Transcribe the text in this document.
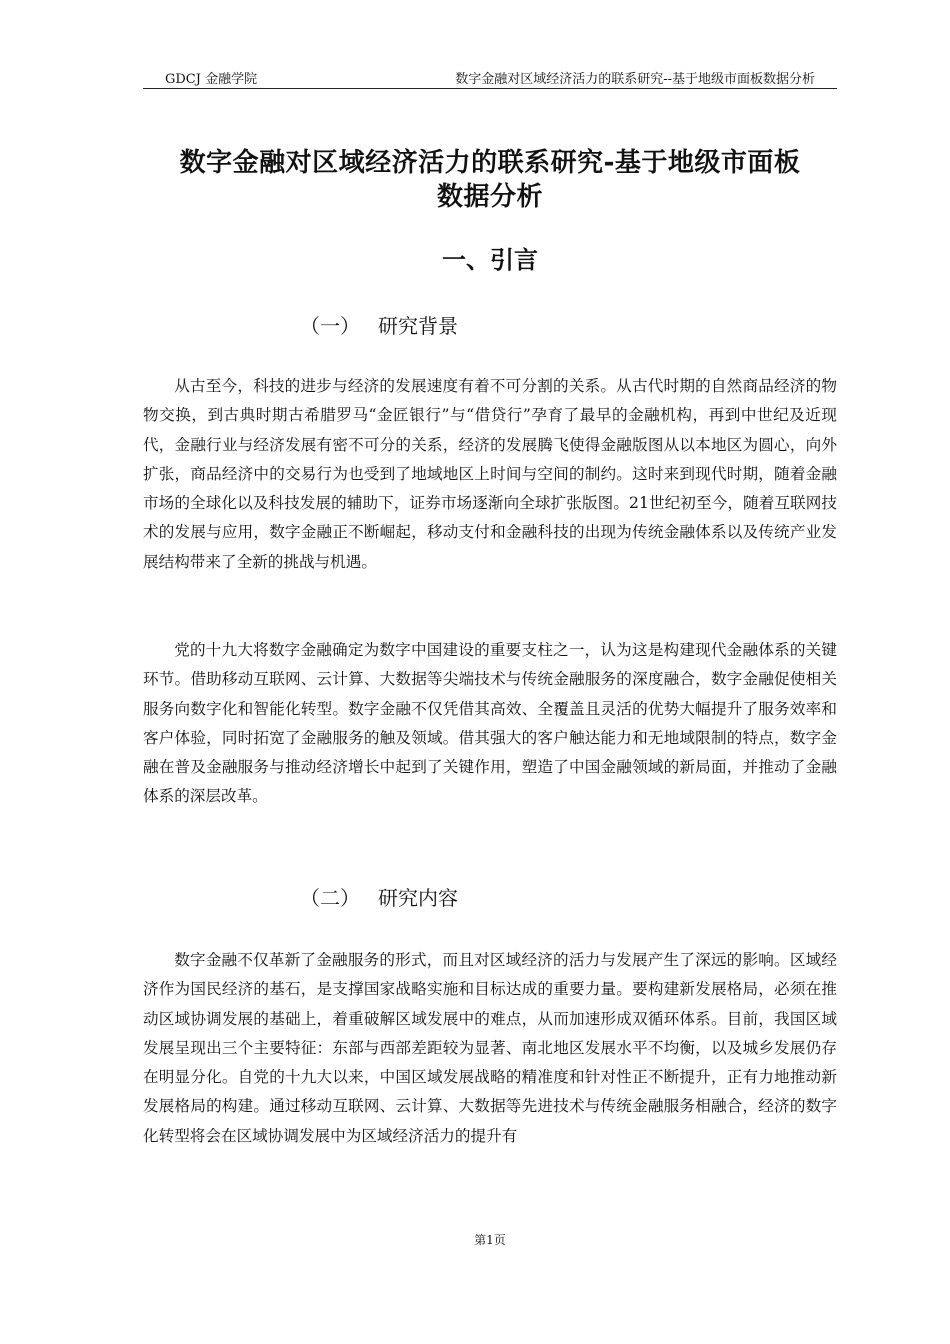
GDCJ 金融学院	数字金融对区域经济活力的联系研究--基于地级市面板数据分析
数字金融对区域经济活力的联系研究-基于地级市面板
数据分析
一、引言
（一） 研究背景

从古至今，科技的进步与经济的发展速度有着不可分割的关系。从古代时期的自然商品经济的物物交换，到古典时期古希腊罗马“金匠银行”与“借贷行”孕育了最早的金融机构，再到中世纪及近现代，金融行业与经济发展有密不可分的关系，经济的发展腾飞使得金融版图从以本地区为圆心，向外扩张，商品经济中的交易行为也受到了地域地区上时间与空间的制约。这时来到现代时期，随着金融市场的全球化以及科技发展的辅助下，证券市场逐渐向全球扩张版图。21世纪初至今，随着互联网技术的发展与应用，数字金融正不断崛起，移动支付和金融科技的出现为传统金融体系以及传统产业发展结构带来了全新的挑战与机遇。

党的十九大将数字金融确定为数字中国建设的重要支柱之一，认为这是构建现代金融体系的关键环节。借助移动互联网、云计算、大数据等尖端技术与传统金融服务的深度融合，数字金融促使相关服务向数字化和智能化转型。数字金融不仅凭借其高效、全覆盖且灵活的优势大幅提升了服务效率和客户体验，同时拓宽了金融服务的触及领域。借其强大的客户触达能力和无地域限制的特点，数字金融在普及金融服务与推动经济增长中起到了关键作用，塑造了中国金融领域的新局面，并推动了金融体系的深层改革。

（二） 研究内容

数字金融不仅革新了金融服务的形式，而且对区域经济的活力与发展产生了深远的影响。区域经济作为国民经济的基石，是支撑国家战略实施和目标达成的重要力量。要构建新发展格局，必须在推动区域协调发展的基础上，着重破解区域发展中的难点，从而加速形成双循环体系。目前，我国区域发展呈现出三个主要特征：东部与西部差距较为显著、南北地区发展水平不均衡，以及城乡发展仍存在明显分化。自党的十九大以来，中国区域发展战略的精准度和针对性正不断提升，正有力地推动新发展格局的构建。通过移动互联网、云计算、大数据等先进技术与传统金融服务相融合，经济的数字化转型将会在区域协调发展中为区域经济活力的提升有

第1页
